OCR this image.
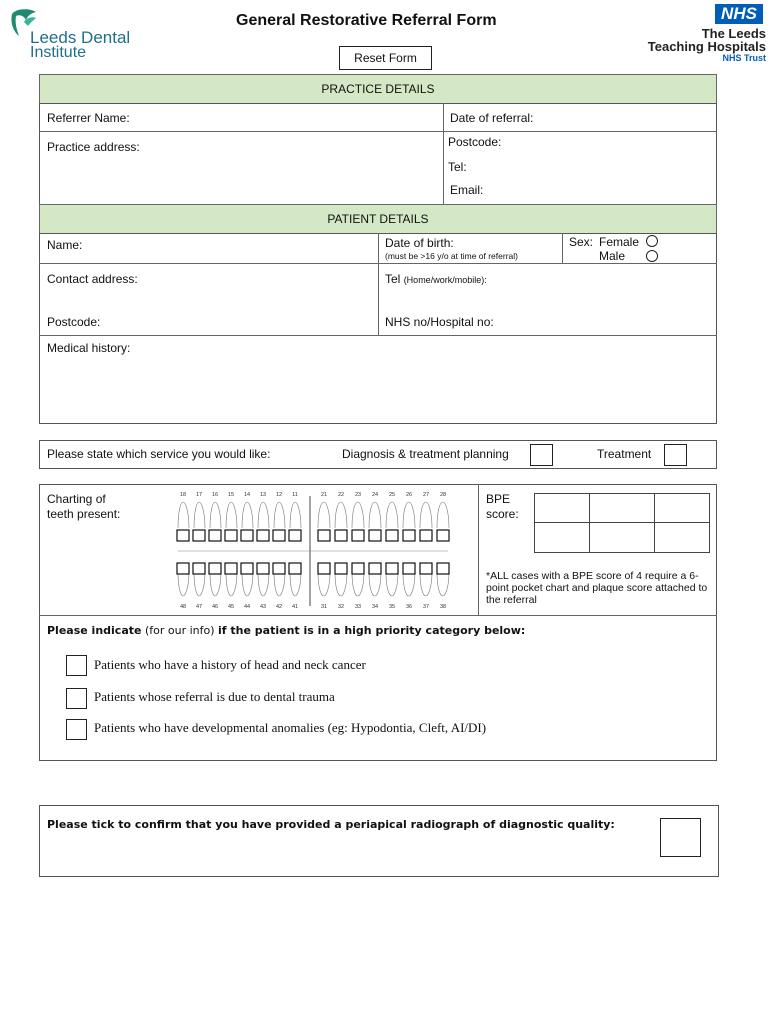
Leeds Dental
Institute
General Restorative Referral Form
Reset Form
NHS
The Leeds
Teaching Hospitals
NHS Trust
PRACTICE DETAILS
Referrer Name:	Date of referral:
Practice address:	Postcode:
Tel:
Email:
PATIENT DETAILS
Name:	Date of birth:
(must be >16 y/o at time of referral)
Sex: Female
Male
Contact address:	Tel (Home/work/mobile):
Postcode:	NHS no/Hospital no:
Medical history:
Please state which service you would like:	Diagnosis & treatment planning	Treatment
Charting of
teeth present:
18 17 16 15 14 13 12 11	21 22 23 24 25 26 27 28
48 47 46 45 44 43 42 41	31 32 33 34 35 36 37 38
BPE
score:
*ALL cases with a BPE score of 4 require a 6-point pocket chart and plaque score attached to the referral
Please indicate (for our info) if the patient is in a high priority category below:
Patients who have a history of head and neck cancer
Patients whose referral is due to dental trauma
Patients who have developmental anomalies (eg: Hypodontia, Cleft, AI/DI)
Please tick to confirm that you have provided a periapical radiograph of diagnostic quality:
